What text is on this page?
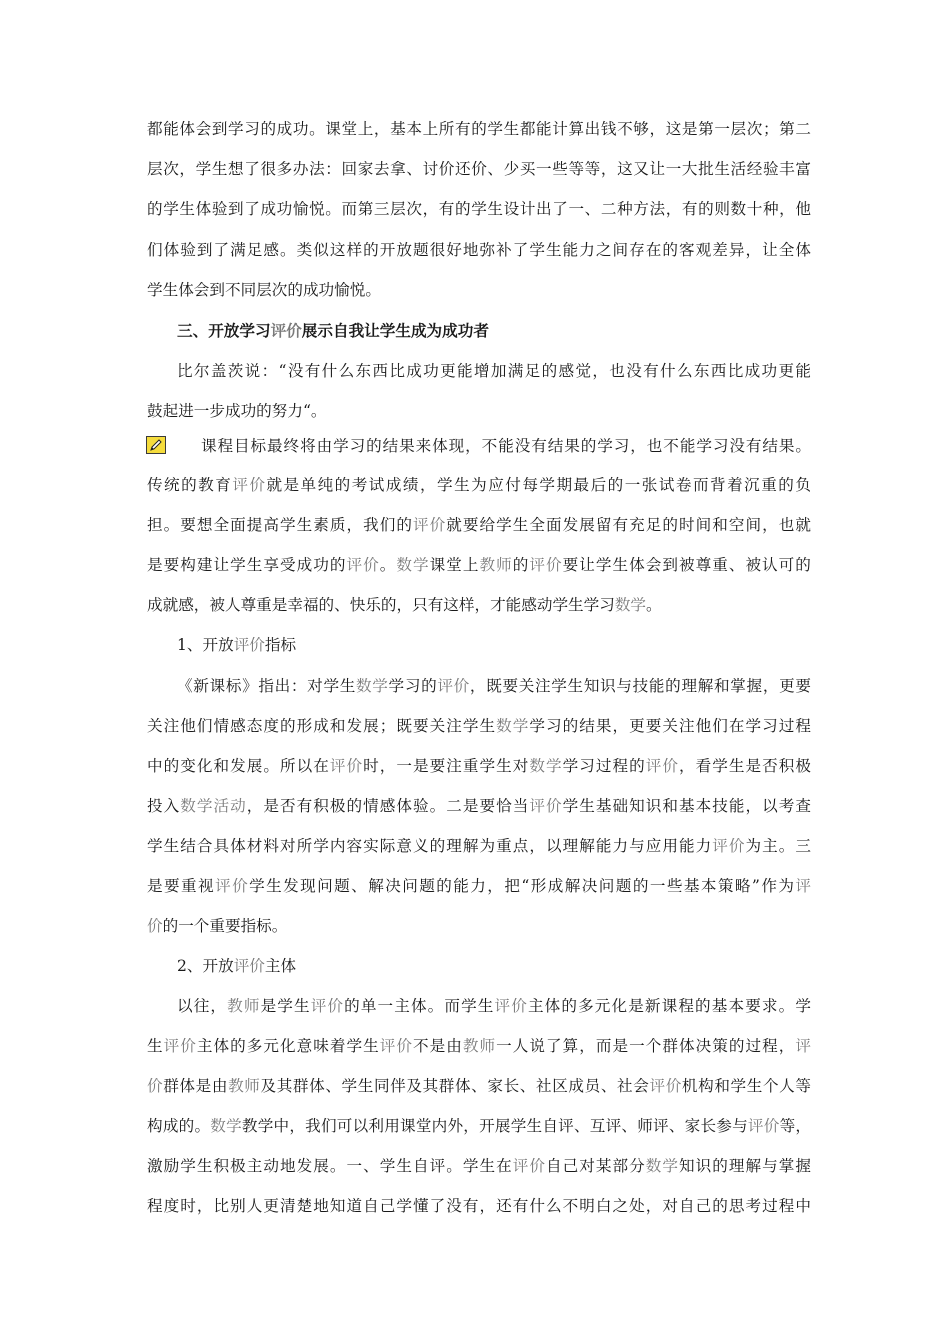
都能体会到学习的成功。课堂上，基本上所有的学生都能计算出钱不够，这是第一层次；第二
层次，学生想了很多办法：回家去拿、讨价还价、少买一些等等，这又让一大批生活经验丰富
的学生体验到了成功愉悦。而第三层次，有的学生设计出了一、二种方法，有的则数十种，他
们体验到了满足感。类似这样的开放题很好地弥补了学生能力之间存在的客观差异，让全体
学生体会到不同层次的成功愉悦。
三、开放学习评价展示自我让学生成为成功者
比尔盖茨说：“没有什么东西比成功更能增加满足的感觉，也没有什么东西比成功更能
鼓起进一步成功的努力“。
课程目标最终将由学习的结果来体现，不能没有结果的学习，也不能学习没有结果。
传统的教育评价就是单纯的考试成绩，学生为应付每学期最后的一张试卷而背着沉重的负
担。要想全面提高学生素质，我们的评价就要给学生全面发展留有充足的时间和空间，也就
是要构建让学生享受成功的评价。数学课堂上教师的评价要让学生体会到被尊重、被认可的
成就感，被人尊重是幸福的、快乐的，只有这样，才能感动学生学习数学。
1、开放评价指标
《新课标》指出：对学生数学学习的评价，既要关注学生知识与技能的理解和掌握，更要
关注他们情感态度的形成和发展；既要关注学生数学学习的结果，更要关注他们在学习过程
中的变化和发展。所以在评价时，一是要注重学生对数学学习过程的评价，看学生是否积极
投入数学活动，是否有积极的情感体验。二是要恰当评价学生基础知识和基本技能，以考查
学生结合具体材料对所学内容实际意义的理解为重点，以理解能力与应用能力评价为主。三
是要重视评价学生发现问题、解决问题的能力，把“形成解决问题的一些基本策略”作为评
价的一个重要指标。
2、开放评价主体
以往，教师是学生评价的单一主体。而学生评价主体的多元化是新课程的基本要求。学
生评价主体的多元化意味着学生评价不是由教师一人说了算，而是一个群体决策的过程，评
价群体是由教师及其群体、学生同伴及其群体、家长、社区成员、社会评价机构和学生个人等
构成的。数学教学中，我们可以利用课堂内外，开展学生自评、互评、师评、家长参与评价等，
激励学生积极主动地发展。一、学生自评。学生在评价自己对某部分数学知识的理解与掌握
程度时，比别人更清楚地知道自己学懂了没有，还有什么不明白之处，对自己的思考过程中
